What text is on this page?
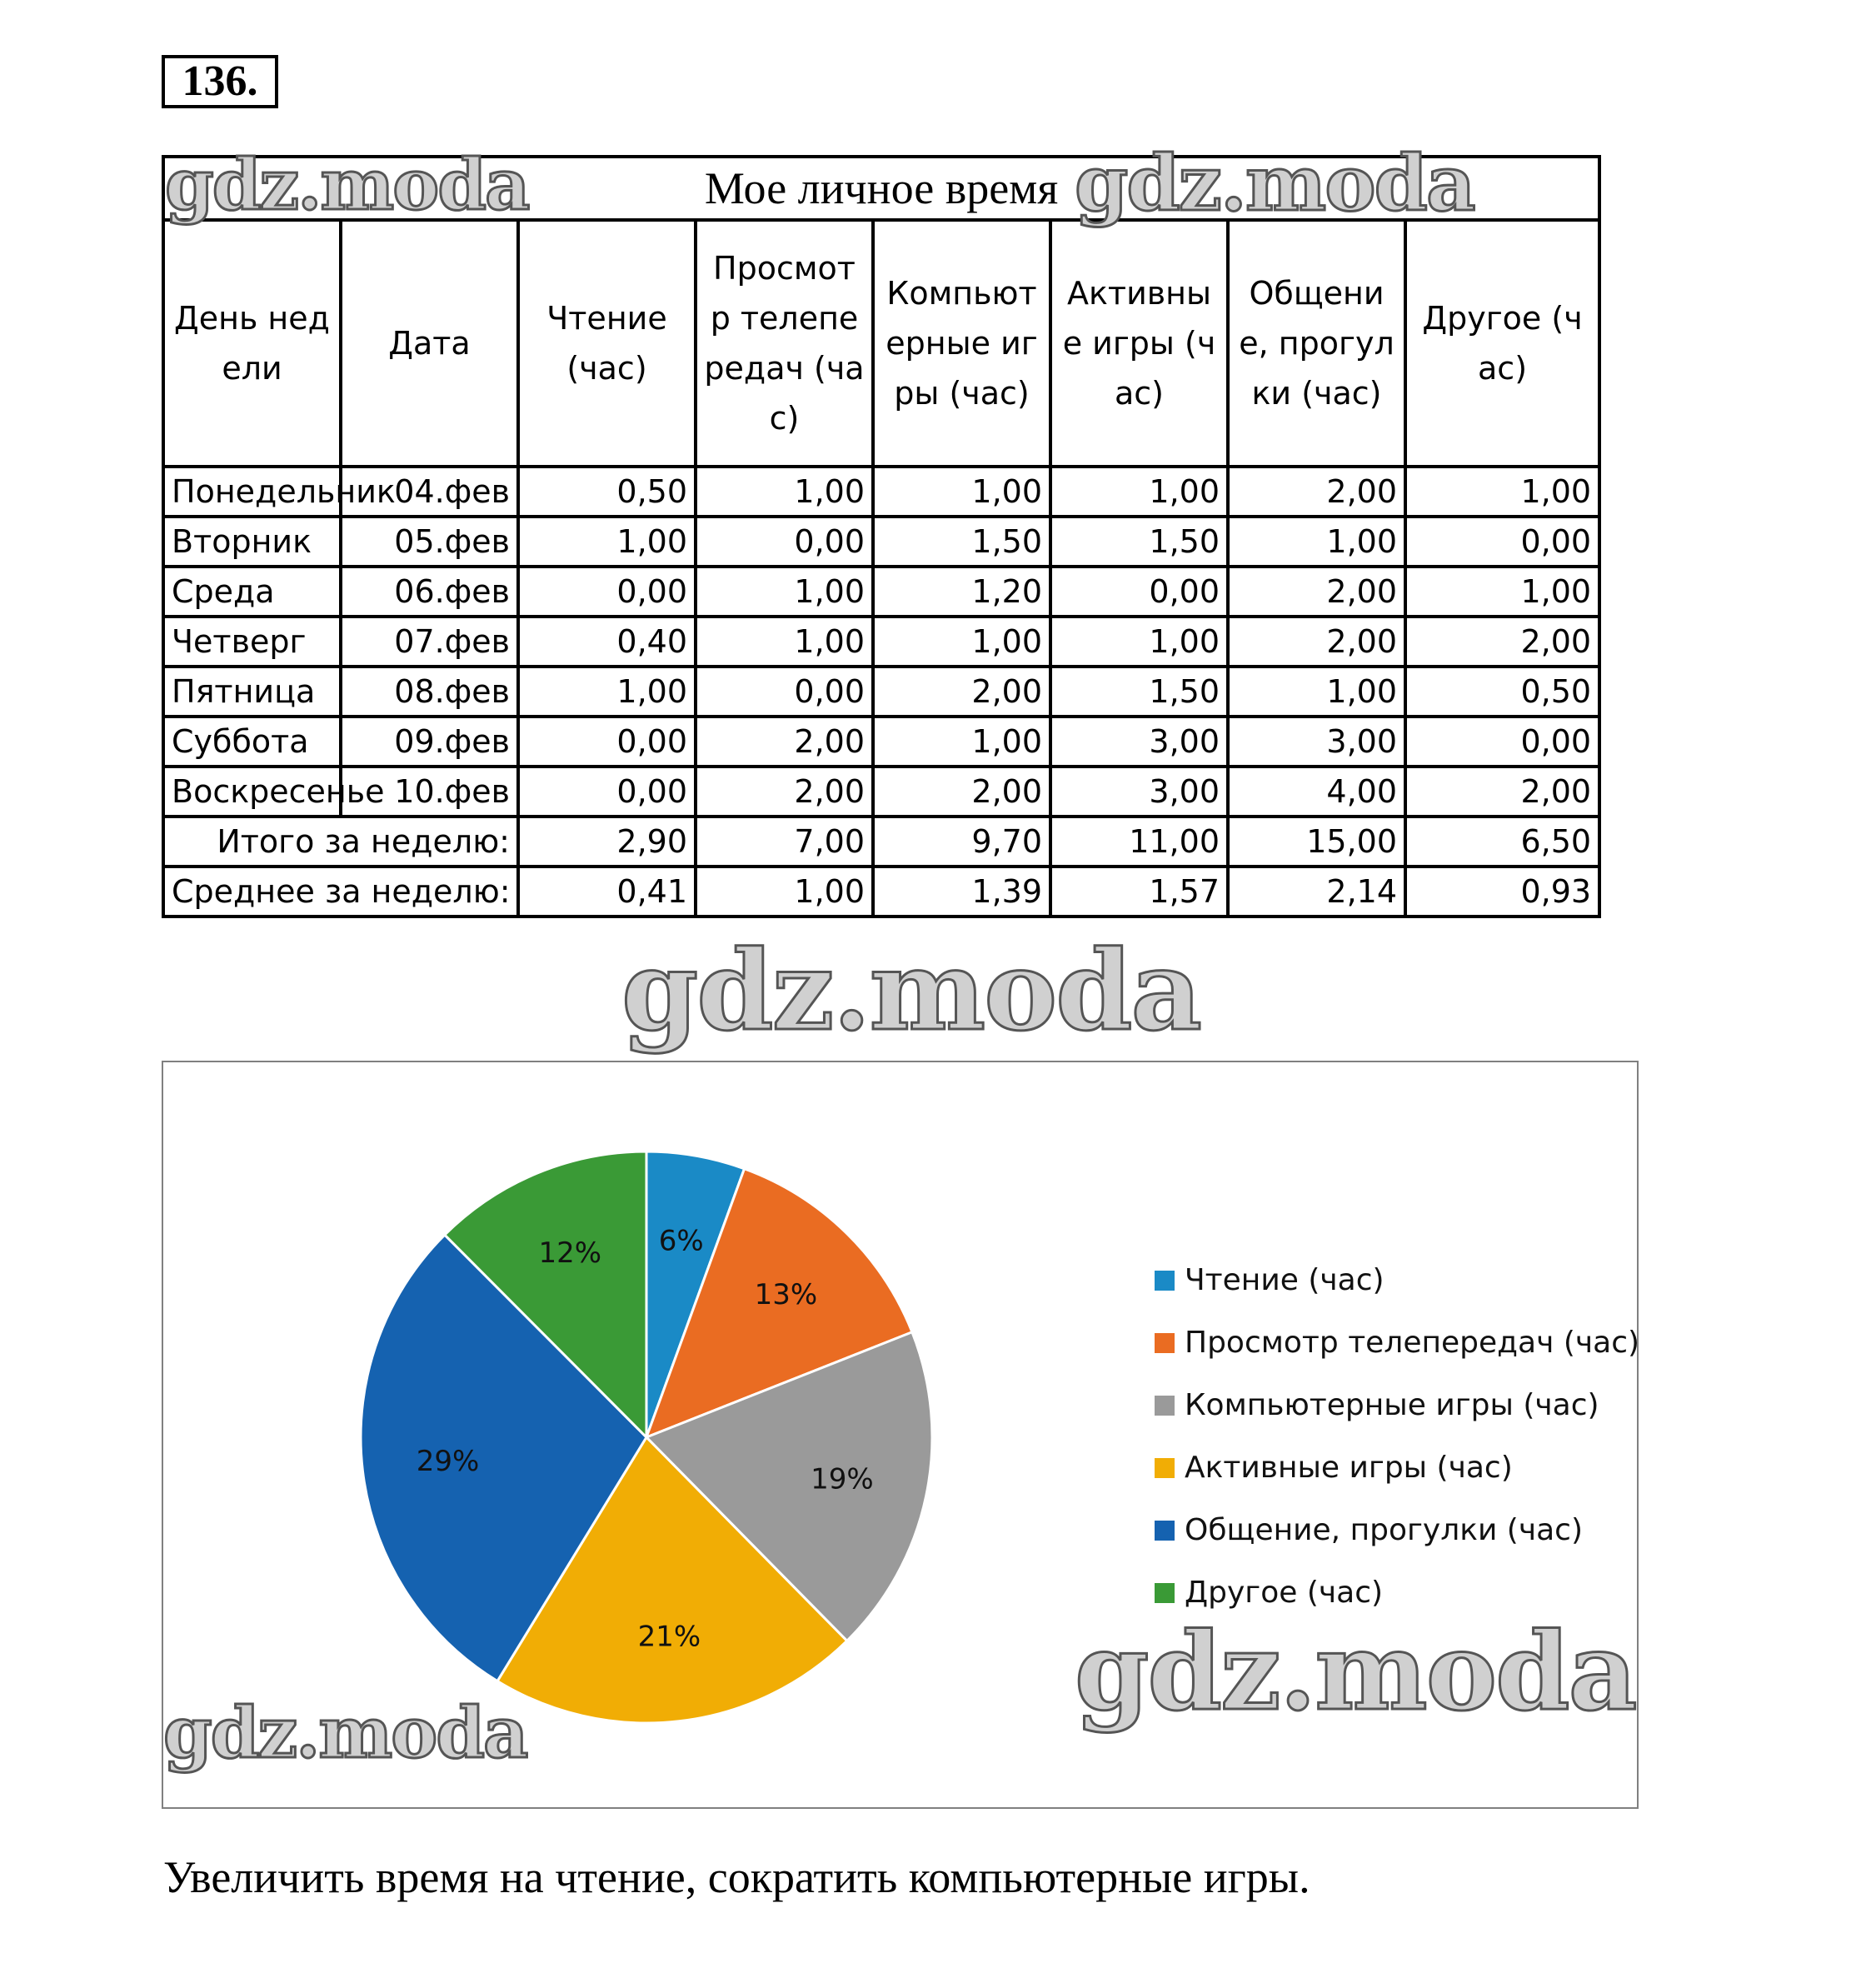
136.
Мое личное время							
День недели	Дата	Чтение (час)	Просмотр телепередач (час)	Компьютерные игры (час)	Активные игры (час)	Общение, прогулки (час)	Другое (час)
Понедельник	04.фев	0,50	1,00	1,00	1,00	2,00	1,00
Вторник	05.фев	1,00	0,00	1,50	1,50	1,00	0,00
Среда	06.фев	0,00	1,00	1,20	0,00	2,00	1,00
Четверг	07.фев	0,40	1,00	1,00	1,00	2,00	2,00
Пятница	08.фев	1,00	0,00	2,00	1,50	1,00	0,50
Суббота	09.фев	0,00	2,00	1,00	3,00	3,00	0,00
Воскресенье	10.фев	0,00	2,00	2,00	3,00	4,00	2,00
Итого за неделю:		2,90	7,00	9,70	11,00	15,00	6,50
Среднее за неделю:		0,41	1,00	1,39	1,57	2,14	0,93
6%
13%
19%
21%
29%
12%
Чтение (час)
Просмотр телепередач (час)
Компьютерные игры (час)
Активные игры (час)
Общение, прогулки (час)
Другое (час)
Увеличить время на чтение, сократить компьютерные игры.
gdz.moda	gdz.moda
gdz.moda
gdz.moda
gdz.moda
